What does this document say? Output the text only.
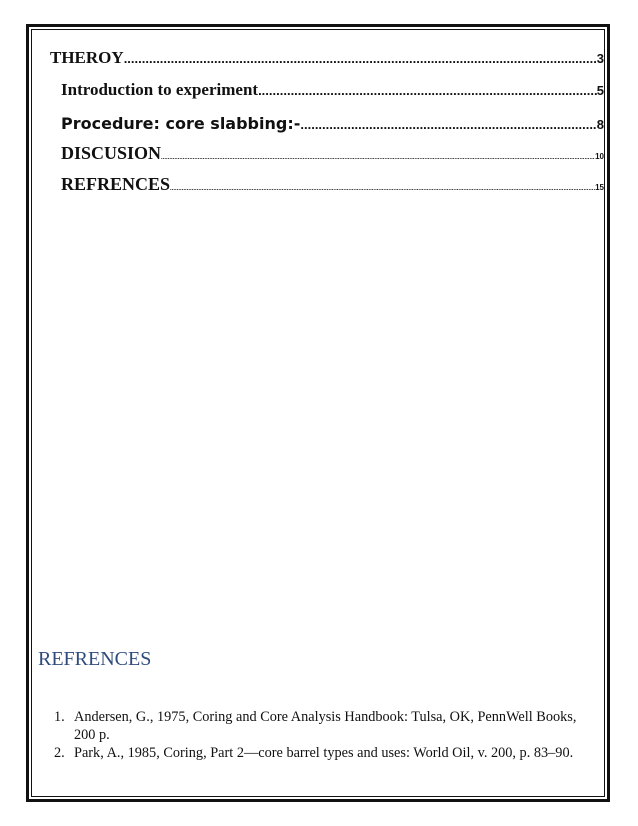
THEROY .....	3
Introduction to experiment .....	5
Procedure: core slabbing:- .....	8
DISCUSION .....	10
REFRENCES .....	15
REFRENCES
1. Andersen, G., 1975, Coring and Core Analysis Handbook: Tulsa, OK, PennWell Books, 200 p.
2. Park, A., 1985, Coring, Part 2—core barrel types and uses: World Oil, v. 200, p. 83–90.
